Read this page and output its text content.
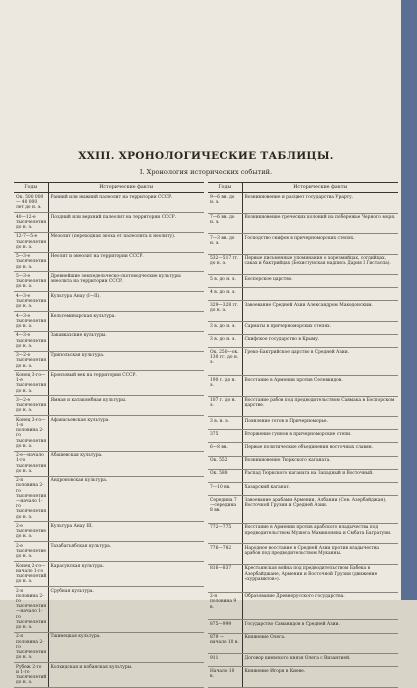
XXIII. ХРОНОЛОГИЧЕСКИЕ ТАБЛИЦЫ.
I. Хронология исторических событий.
Годы	Исторические факты
Ок. 500 000— 40 000 лет до н. э.	Ранний или нижний палеолит на территории СССР.
40—12-е тысячелетия до н. э.	Поздний или верхний палеолит на территории СССР.
12-7—5-е тысячелетия до н. э.	Мезолит (переходная эпоха от палеолита к неолиту).
5—3-е тысячелетия до н. э.	Неолит и энеолит на территории СССР.
5—3-е тысячелетия до н. э.	Древнейшие земледельческо-скотоводческие культуры энеолита на территории СССР.
4—3-е тысячелетия до н. э.	Культура Анау (I—II).
4—3-е тысячелетия до н. э.	Кельтеминарская культура.
4—3-е тысячелетия до н. э.	Закавказские культуры.
3—2-е тысячелетия до н. э.	Трипольская культура.
Конец 3-го—1-е тысячелетия до н. э.	Бронзовый век на территории СССР.
3—2-е тысячелетия до н. э.	Ямная и катакомбная культуры.
Конец 3-го—1-я половина 2-го тысячелетия до н. э.	Афанасьевская культура.
2-е—начало 1-го тысячелетия до н. э.	Абашевская культура.
2-я половина 2-го тысячелетия—начало 1-го тысячелетия до н. э.	Андроновская культура.
2-е тысячелетие до н. э.	Культура Анау III.
2-е тысячелетие до н. э.	Тазабагъябская культура.
Конец 2-го—начало 1-го тысячелетий до н. э.	Карасукская культура.
2-я половина 2-го тысячелетия—начало 1-го тысячелетия до н. э.	Срубная культура.
2-я половина 2-го тысячелетия до н. э.	Тшинецкая культура.
Рубеж 2-го и 1-го тысячелетий до н. э.	Колхидская и кобанская культуры.
Годы	Исторические факты
9—6 вв. до н. э.	Возникновение и расцвет государства Урарту.
7—6 вв. до н. э.	Возникновение греческих колоний на побережье Черного моря.
7—3 вв. до н. э.	Господство скифов в причерноморских степях.
532—517 гг. до н. э.	Первые письменные упоминания о хорезмийцах, согдийцах, саках и бактрийцах (Бехистунская надпись Дария I Гистаспа).
5 в. до н. э.	Боспорское царство.
4 в. до н. э.	
329—328 гг. до н. э.	Завоевание Средней Азии Александром Македонским.
3 в. до н. э.	Сарматы в причерноморских степях.
3 в. до н. э.	Скифское государство в Крыму.
Ок. 250—ок. 130 гг. до н. э.	Греко-Бактрийское царство в Средней Азии.
190 г. до н. э.	Восстание в Армении против Селевкидов.
107 г. до н. э.	Восстание рабов под предводительством Савмака в Боспорском царстве.
3 в. н. э.	Появление готов в Причерноморье.
375	Вторжение гуннов в причерноморские степи.
6—8 вв.	Первые политические объединения восточных славян.
Ок. 552	Возникновение Тюркского каганата.
Ок. 588	Распад Тюркского каганата на Западный и Восточный.
7—10 вв.	Хазарский каганат.
Середина 7—середина 8 вв.	Завоевание арабами Армении, Албании (Сев. Азербайджан), Восточной Грузии и Средней Азии.
772—775	Восстание в Армении против арабского владычества под предводительством Мушега Мамиконяна и Смбата Багратуни.
776—782	Народное восстание в Средней Азии против владычества арабов под предводительством Муканны.
816—837	Крестьянская война под предводительством Бабека в Азербайджане, Армении и Восточной Грузии (движение «хуррамитов»).
2-я половина 9 в.	Образование Древнерусского государства.
875—999	Государство Саманидов в Средней Азии.
879 — начало 10 в.	Княжение Олега.
911	Договор киевского князя Олега с Византией.
Начало 10 в.	Княжение Игоря в Киеве.
